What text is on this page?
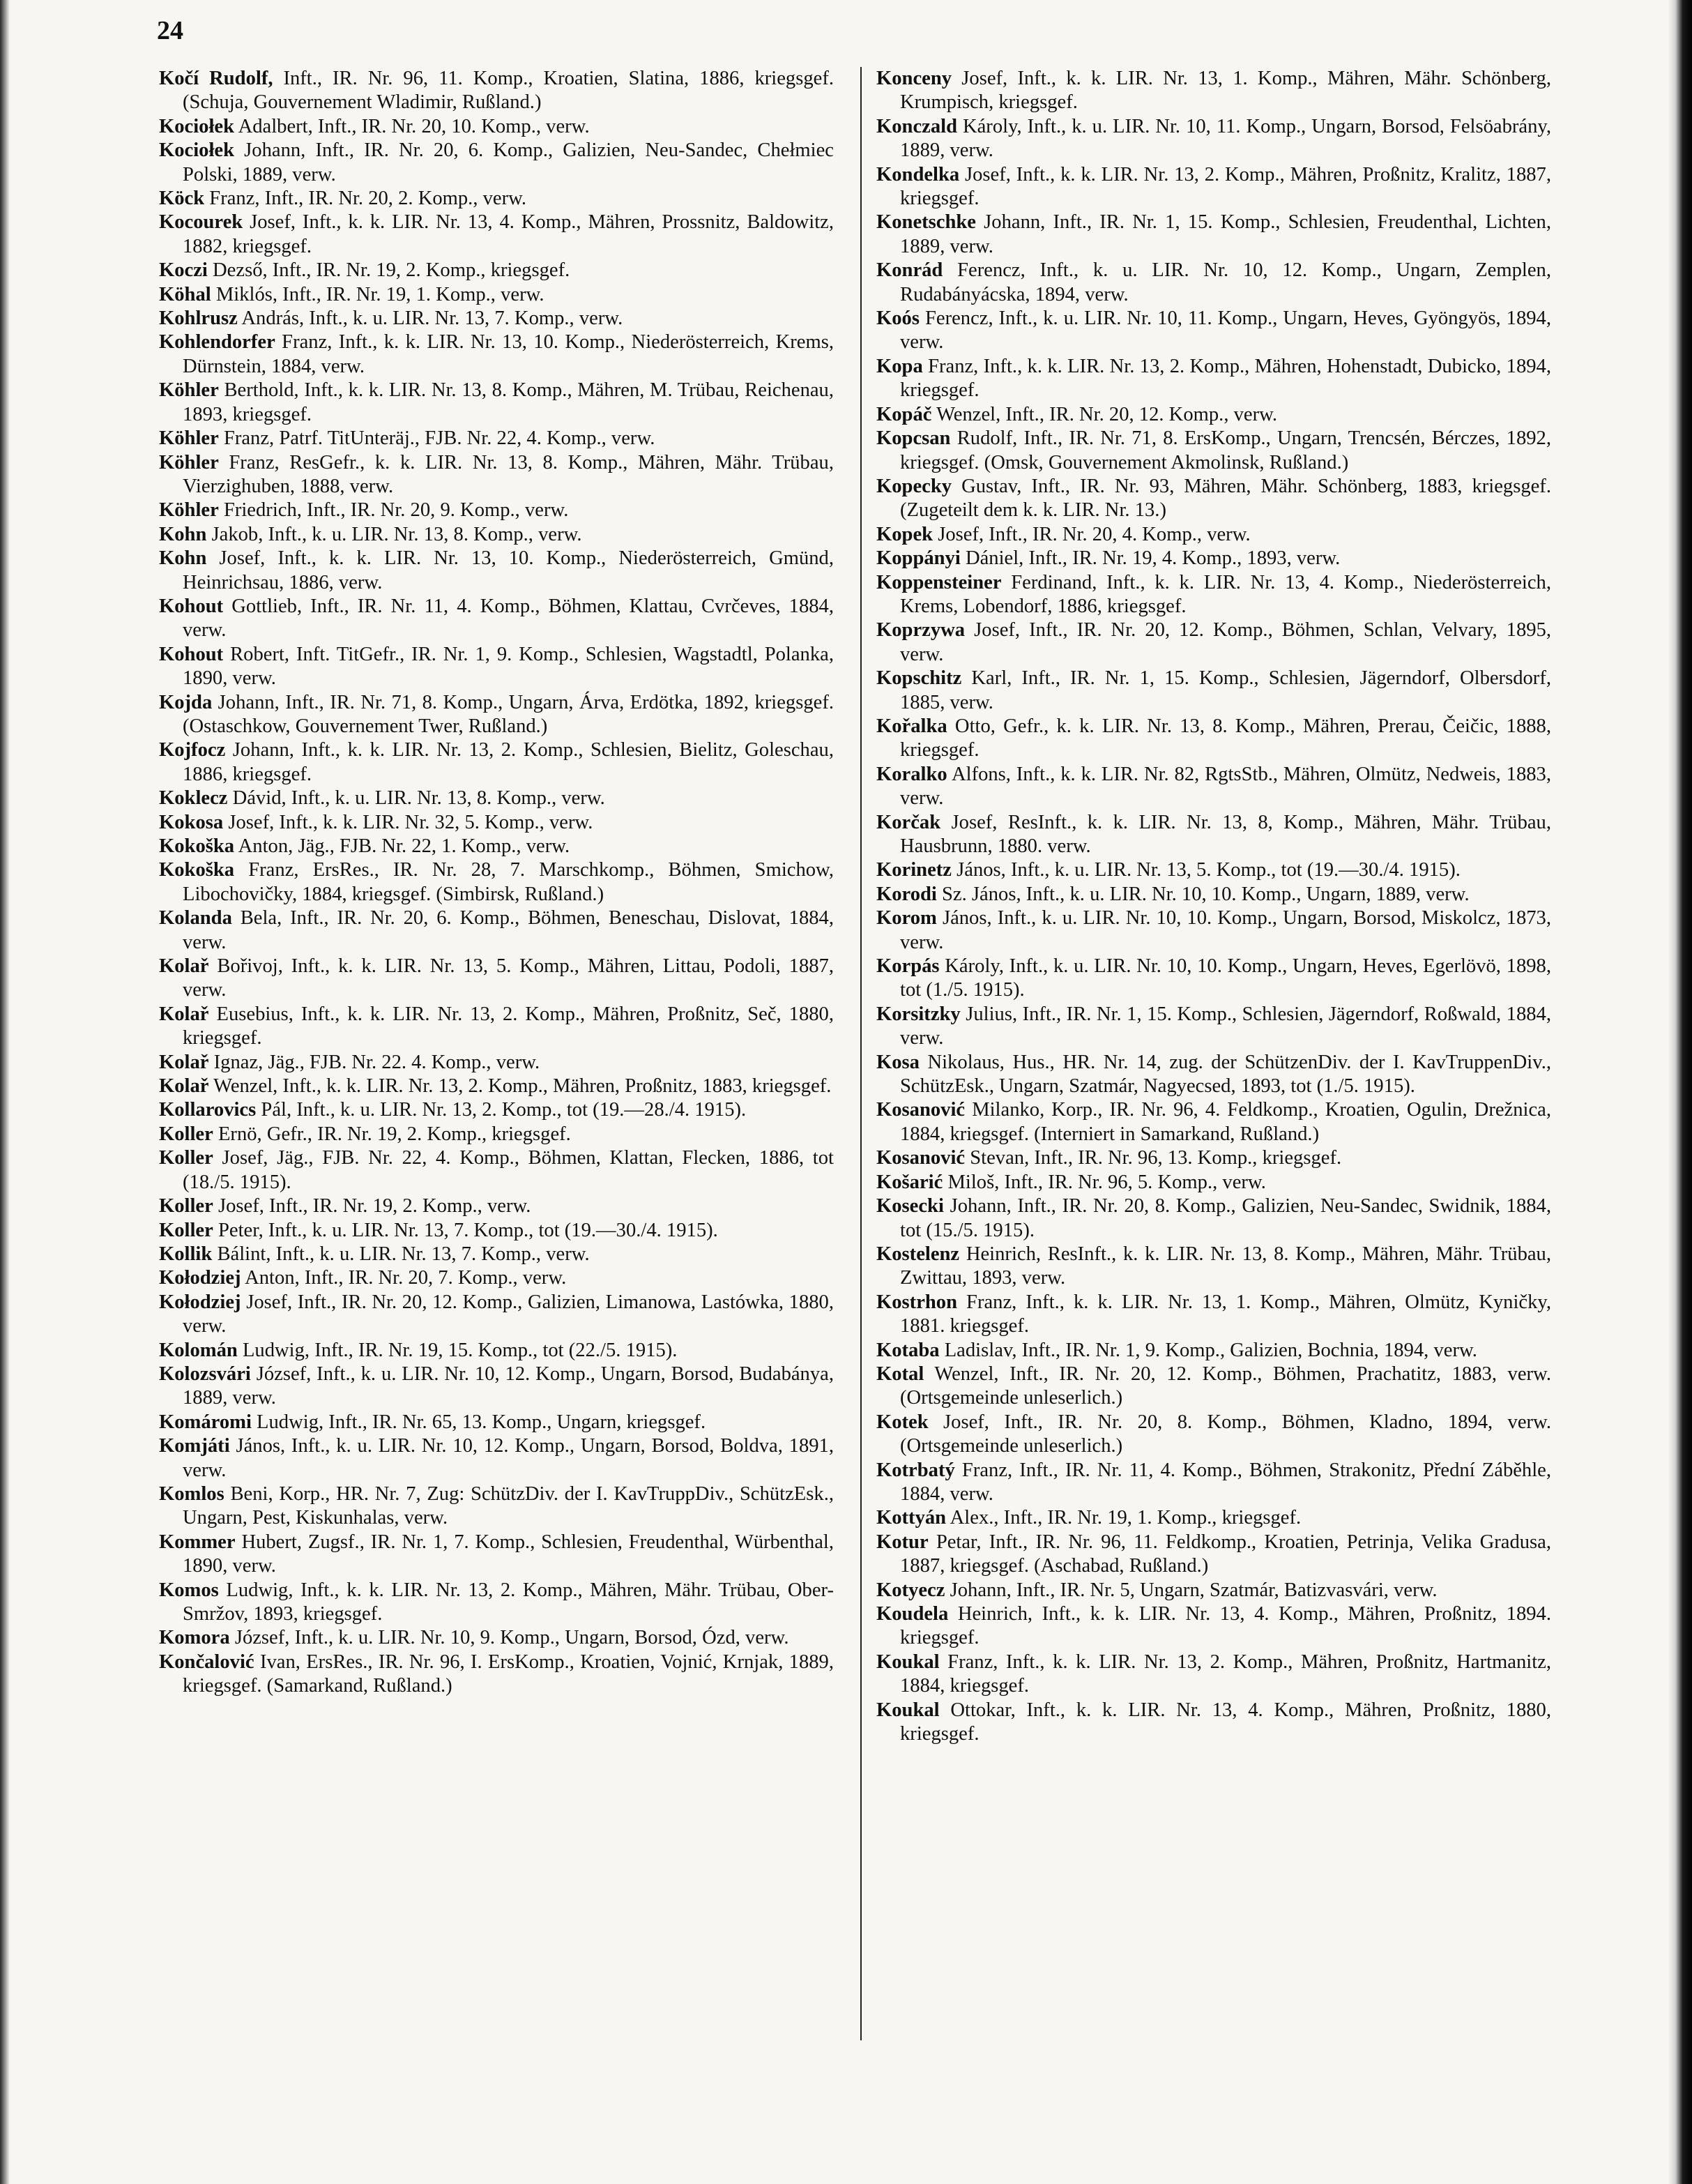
24

Kočí Rudolf, Inft., IR. Nr. 96, 11. Komp., Kroatien, Slatina, 1886, kriegsgef. (Schuja, Gouvernement Wladimir, Rußland.)

Kociołek Adalbert, Inft., IR. Nr. 20, 10. Komp., verw.

Kociołek Johann, Inft., IR. Nr. 20, 6. Komp., Galizien, Neu-Sandec, Chełmiec Polski, 1889, verw.

Köck Franz, Inft., IR. Nr. 20, 2. Komp., verw.

Kocourek Josef, Inft., k. k. LIR. Nr. 13, 4. Komp., Mähren, Prossnitz, Baldowitz, 1882, kriegsgef.

Koczi Dezső, Inft., IR. Nr. 19, 2. Komp., kriegsgef.

Köhal Miklós, Inft., IR. Nr. 19, 1. Komp., verw.

Kohlrusz András, Inft., k. u. LIR. Nr. 13, 7. Komp., verw.

Kohlendorfer Franz, Inft., k. k. LIR. Nr. 13, 10. Komp., Niederösterreich, Krems, Dürnstein, 1884, verw.

Köhler Berthold, Inft., k. k. LIR. Nr. 13, 8. Komp., Mähren, M. Trübau, Reichenau, 1893, kriegsgef.

Köhler Franz, Patrf. TitUnteräj., FJB. Nr. 22, 4. Komp., verw.

Köhler Franz, ResGefr., k. k. LIR. Nr. 13, 8. Komp., Mähren, Mähr. Trübau, Vierzighuben, 1888, verw.

Köhler Friedrich, Inft., IR. Nr. 20, 9. Komp., verw.

Kohn Jakob, Inft., k. u. LIR. Nr. 13, 8. Komp., verw.

Kohn Josef, Inft., k. k. LIR. Nr. 13, 10. Komp., Niederösterreich, Gmünd, Heinrichsau, 1886, verw.

Kohout Gottlieb, Inft., IR. Nr. 11, 4. Komp., Böhmen, Klattau, Cvrčeves, 1884, verw.

Kohout Robert, Inft. TitGefr., IR. Nr. 1, 9. Komp., Schlesien, Wagstadtl, Polanka, 1890, verw.

Kojda Johann, Inft., IR. Nr. 71, 8. Komp., Ungarn, Árva, Erdötka, 1892, kriegsgef. (Ostaschkow, Gouvernement Twer, Rußland.)

Kojfocz Johann, Inft., k. k. LIR. Nr. 13, 2. Komp., Schlesien, Bielitz, Goleschau, 1886, kriegsgef.

Koklecz Dávid, Inft., k. u. LIR. Nr. 13, 8. Komp., verw.

Kokosa Josef, Inft., k. k. LIR. Nr. 32, 5. Komp., verw.

Kokoška Anton, Jäg., FJB. Nr. 22, 1. Komp., verw.

Kokoška Franz, ErsRes., IR. Nr. 28, 7. Marschkomp., Böhmen, Smichow, Libochovičky, 1884, kriegsgef. (Simbirsk, Rußland.)

Kolanda Bela, Inft., IR. Nr. 20, 6. Komp., Böhmen, Beneschau, Dislovat, 1884, verw.

Kolař Bořivoj, Inft., k. k. LIR. Nr. 13, 5. Komp., Mähren, Littau, Podoli, 1887, verw.

Kolař Eusebius, Inft., k. k. LIR. Nr. 13, 2. Komp., Mähren, Proßnitz, Seč, 1880, kriegsgef.

Kolař Ignaz, Jäg., FJB. Nr. 22. 4. Komp., verw.

Kolař Wenzel, Inft., k. k. LIR. Nr. 13, 2. Komp., Mähren, Proßnitz, 1883, kriegsgef.

Kollarovics Pál, Inft., k. u. LIR. Nr. 13, 2. Komp., tot (19.—28./4. 1915).

Koller Ernö, Gefr., IR. Nr. 19, 2. Komp., kriegsgef.

Koller Josef, Jäg., FJB. Nr. 22, 4. Komp., Böhmen, Klattan, Flecken, 1886, tot (18./5. 1915).

Koller Josef, Inft., IR. Nr. 19, 2. Komp., verw.

Koller Peter, Inft., k. u. LIR. Nr. 13, 7. Komp., tot (19.—30./4. 1915).

Kollik Bálint, Inft., k. u. LIR. Nr. 13, 7. Komp., verw.

Kołodziej Anton, Inft., IR. Nr. 20, 7. Komp., verw.

Kołodziej Josef, Inft., IR. Nr. 20, 12. Komp., Galizien, Limanowa, Lastówka, 1880, verw.

Kolomán Ludwig, Inft., IR. Nr. 19, 15. Komp., tot (22./5. 1915).

Kolozsvári József, Inft., k. u. LIR. Nr. 10, 12. Komp., Ungarn, Borsod, Budabánya, 1889, verw.

Komáromi Ludwig, Inft., IR. Nr. 65, 13. Komp., Ungarn, kriegsgef.

Komjáti János, Inft., k. u. LIR. Nr. 10, 12. Komp., Ungarn, Borsod, Boldva, 1891, verw.

Komlos Beni, Korp., HR. Nr. 7, Zug: SchützDiv. der I. KavTruppDiv., SchützEsk., Ungarn, Pest, Kiskunhalas, verw.

Kommer Hubert, Zugsf., IR. Nr. 1, 7. Komp., Schlesien, Freudenthal, Würbenthal, 1890, verw.

Komos Ludwig, Inft., k. k. LIR. Nr. 13, 2. Komp., Mähren, Mähr. Trübau, Ober-Smržov, 1893, kriegsgef.

Komora József, Inft., k. u. LIR. Nr. 10, 9. Komp., Ungarn, Borsod, Ózd, verw.

Končalović Ivan, ErsRes., IR. Nr. 96, I. ErsKomp., Kroatien, Vojnić, Krnjak, 1889, kriegsgef. (Samarkand, Rußland.)

Konceny Josef, Inft., k. k. LIR. Nr. 13, 1. Komp., Mähren, Mähr. Schönberg, Krumpisch, kriegsgef.

Konczald Károly, Inft., k. u. LIR. Nr. 10, 11. Komp., Ungarn, Borsod, Felsöabrány, 1889, verw.

Kondelka Josef, Inft., k. k. LIR. Nr. 13, 2. Komp., Mähren, Proßnitz, Kralitz, 1887, kriegsgef.

Konetschke Johann, Inft., IR. Nr. 1, 15. Komp., Schlesien, Freudenthal, Lichten, 1889, verw.

Konrád Ferencz, Inft., k. u. LIR. Nr. 10, 12. Komp., Ungarn, Zemplen, Rudabányácska, 1894, verw.

Koós Ferencz, Inft., k. u. LIR. Nr. 10, 11. Komp., Ungarn, Heves, Gyöngyös, 1894, verw.

Kopa Franz, Inft., k. k. LIR. Nr. 13, 2. Komp., Mähren, Hohenstadt, Dubicko, 1894, kriegsgef.

Kopáč Wenzel, Inft., IR. Nr. 20, 12. Komp., verw.

Kopcsan Rudolf, Inft., IR. Nr. 71, 8. ErsKomp., Ungarn, Trencsén, Bérczes, 1892, kriegsgef. (Omsk, Gouvernement Akmolinsk, Rußland.)

Kopecky Gustav, Inft., IR. Nr. 93, Mähren, Mähr. Schönberg, 1883, kriegsgef. (Zugeteilt dem k. k. LIR. Nr. 13.)

Kopek Josef, Inft., IR. Nr. 20, 4. Komp., verw.

Koppányi Dániel, Inft., IR. Nr. 19, 4. Komp., 1893, verw.

Koppensteiner Ferdinand, Inft., k. k. LIR. Nr. 13, 4. Komp., Niederösterreich, Krems, Lobendorf, 1886, kriegsgef.

Koprzywa Josef, Inft., IR. Nr. 20, 12. Komp., Böhmen, Schlan, Velvary, 1895, verw.

Kopschitz Karl, Inft., IR. Nr. 1, 15. Komp., Schlesien, Jägerndorf, Olbersdorf, 1885, verw.

Kořalka Otto, Gefr., k. k. LIR. Nr. 13, 8. Komp., Mähren, Prerau, Čeičic, 1888, kriegsgef.

Koralko Alfons, Inft., k. k. LIR. Nr. 82, RgtsStb., Mähren, Olmütz, Nedweis, 1883, verw.

Korčak Josef, ResInft., k. k. LIR. Nr. 13, 8, Komp., Mähren, Mähr. Trübau, Hausbrunn, 1880. verw.

Korinetz János, Inft., k. u. LIR. Nr. 13, 5. Komp., tot (19.—30./4. 1915).

Korodi Sz. János, Inft., k. u. LIR. Nr. 10, 10. Komp., Ungarn, 1889, verw.

Korom János, Inft., k. u. LIR. Nr. 10, 10. Komp., Ungarn, Borsod, Miskolcz, 1873, verw.

Korpás Károly, Inft., k. u. LIR. Nr. 10, 10. Komp., Ungarn, Heves, Egerlövö, 1898, tot (1./5. 1915).

Korsitzky Julius, Inft., IR. Nr. 1, 15. Komp., Schlesien, Jägerndorf, Roßwald, 1884, verw.

Kosa Nikolaus, Hus., HR. Nr. 14, zug. der SchützenDiv. der I. KavTruppenDiv., SchützEsk., Ungarn, Szatmár, Nagyecsed, 1893, tot (1./5. 1915).

Kosanović Milanko, Korp., IR. Nr. 96, 4. Feldkomp., Kroatien, Ogulin, Drežnica, 1884, kriegsgef. (Interniert in Samarkand, Rußland.)

Kosanović Stevan, Inft., IR. Nr. 96, 13. Komp., kriegsgef.

Košarić Miloš, Inft., IR. Nr. 96, 5. Komp., verw.

Kosecki Johann, Inft., IR. Nr. 20, 8. Komp., Galizien, Neu-Sandec, Swidnik, 1884, tot (15./5. 1915).

Kostelenz Heinrich, ResInft., k. k. LIR. Nr. 13, 8. Komp., Mähren, Mähr. Trübau, Zwittau, 1893, verw.

Kostrhon Franz, Inft., k. k. LIR. Nr. 13, 1. Komp., Mähren, Olmütz, Kyničky, 1881. kriegsgef.

Kotaba Ladislav, Inft., IR. Nr. 1, 9. Komp., Galizien, Bochnia, 1894, verw.

Kotal Wenzel, Inft., IR. Nr. 20, 12. Komp., Böhmen, Prachatitz, 1883, verw. (Ortsgemeinde unleserlich.)

Kotek Josef, Inft., IR. Nr. 20, 8. Komp., Böhmen, Kladno, 1894, verw. (Ortsgemeinde unleserlich.)

Kotrbatý Franz, Inft., IR. Nr. 11, 4. Komp., Böhmen, Strakonitz, Přední Záběhle, 1884, verw.

Kottyán Alex., Inft., IR. Nr. 19, 1. Komp., kriegsgef.

Kotur Petar, Inft., IR. Nr. 96, 11. Feldkomp., Kroatien, Petrinja, Velika Gradusa, 1887, kriegsgef. (Aschabad, Rußland.)

Kotyecz Johann, Inft., IR. Nr. 5, Ungarn, Szatmár, Batizvasvári, verw.

Koudela Heinrich, Inft., k. k. LIR. Nr. 13, 4. Komp., Mähren, Proßnitz, 1894. kriegsgef.

Koukal Franz, Inft., k. k. LIR. Nr. 13, 2. Komp., Mähren, Proßnitz, Hartmanitz, 1884, kriegsgef.

Koukal Ottokar, Inft., k. k. LIR. Nr. 13, 4. Komp., Mähren, Proßnitz, 1880, kriegsgef.
